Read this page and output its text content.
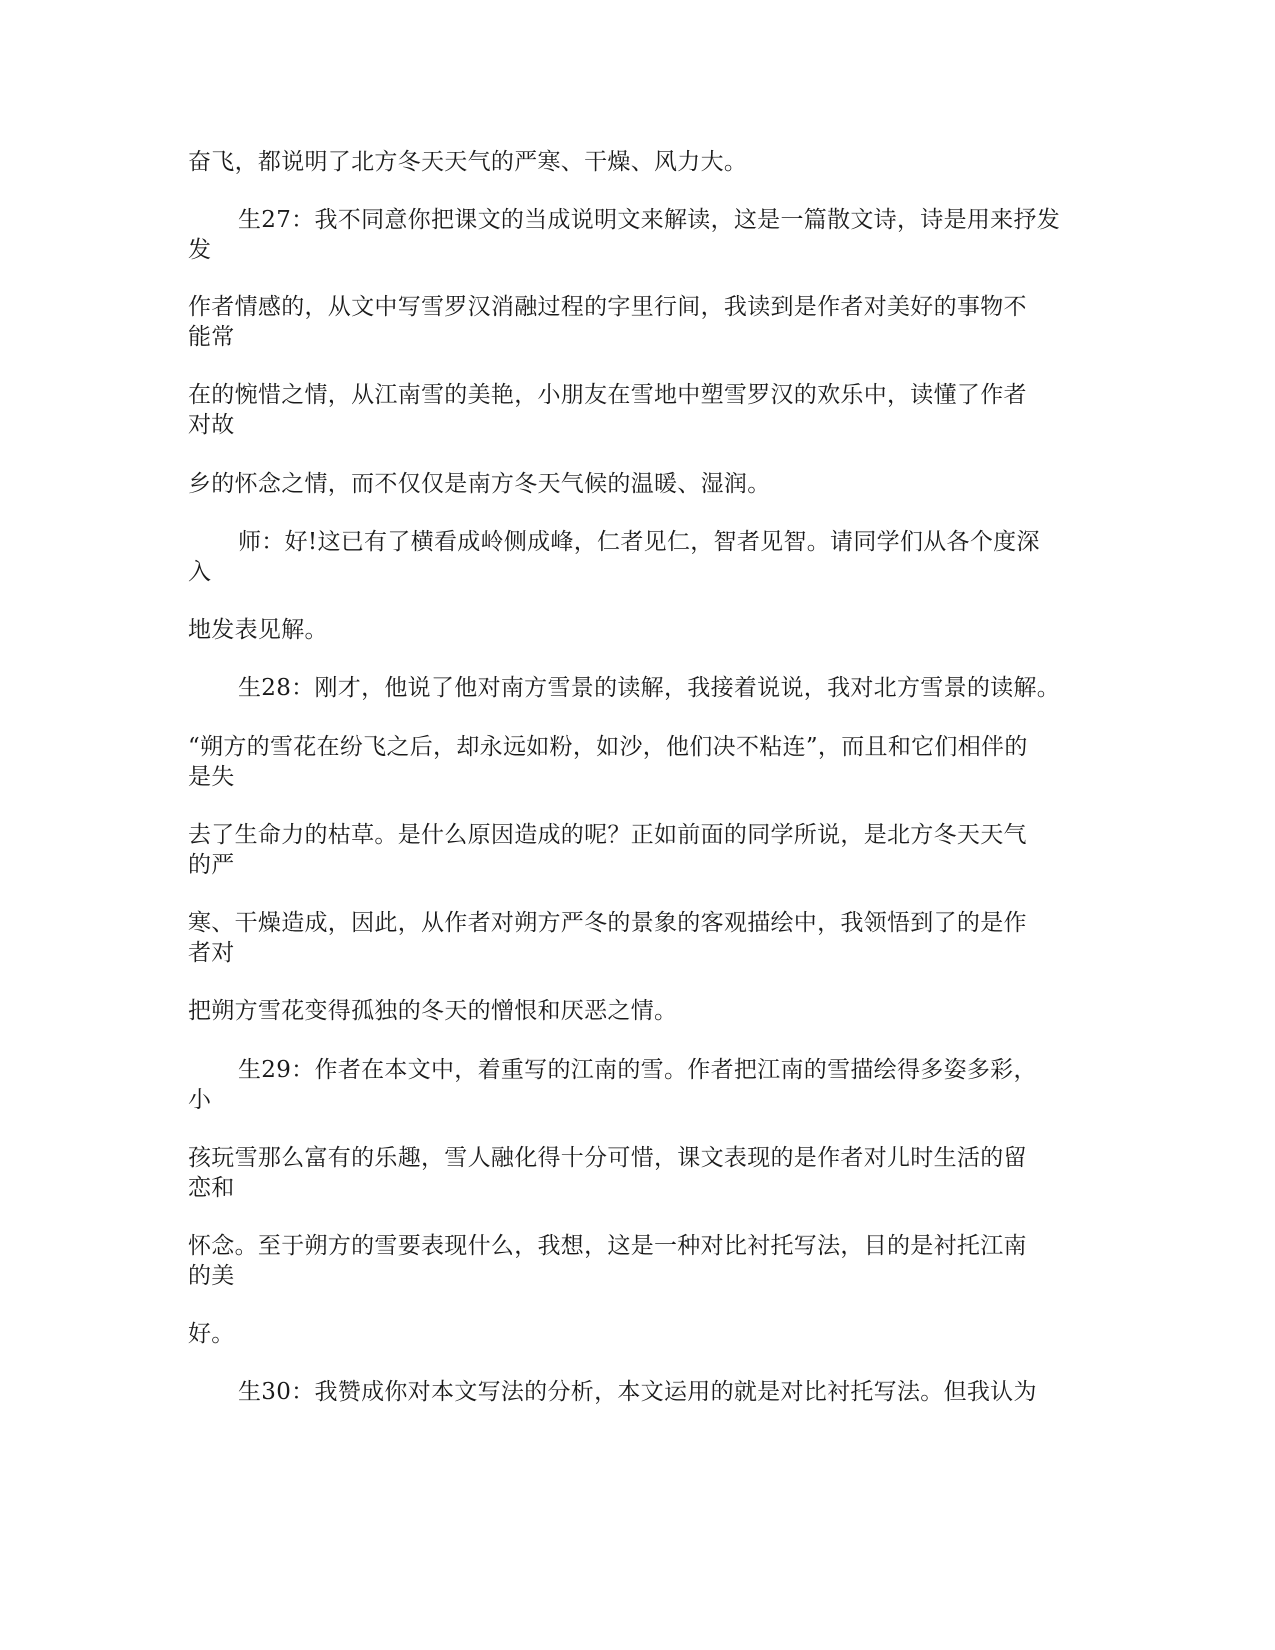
奋飞，都说明了北方冬天天气的严寒、干燥、风力大。
生27：我不同意你把课文的当成说明文来解读，这是一篇散文诗，诗是用来抒发
发
作者情感的，从文中写雪罗汉消融过程的字里行间，我读到是作者对美好的事物不
能常
在的惋惜之情，从江南雪的美艳，小朋友在雪地中塑雪罗汉的欢乐中，读懂了作者
对故
乡的怀念之情，而不仅仅是南方冬天气候的温暖、湿润。
师：好!这已有了横看成岭侧成峰，仁者见仁，智者见智。请同学们从各个度深
入
地发表见解。
生28：刚才，他说了他对南方雪景的读解，我接着说说，我对北方雪景的读解。
“朔方的雪花在纷飞之后，却永远如粉，如沙，他们决不粘连”，而且和它们相伴的
是失
去了生命力的枯草。是什么原因造成的呢？正如前面的同学所说，是北方冬天天气
的严
寒、干燥造成，因此，从作者对朔方严冬的景象的客观描绘中，我领悟到了的是作
者对
把朔方雪花变得孤独的冬天的憎恨和厌恶之情。
生29：作者在本文中，着重写的江南的雪。作者把江南的雪描绘得多姿多彩，
小
孩玩雪那么富有的乐趣，雪人融化得十分可惜，课文表现的是作者对儿时生活的留
恋和
怀念。至于朔方的雪要表现什么，我想，这是一种对比衬托写法，目的是衬托江南
的美
好。
生30：我赞成你对本文写法的分析，本文运用的就是对比衬托写法。但我认为
